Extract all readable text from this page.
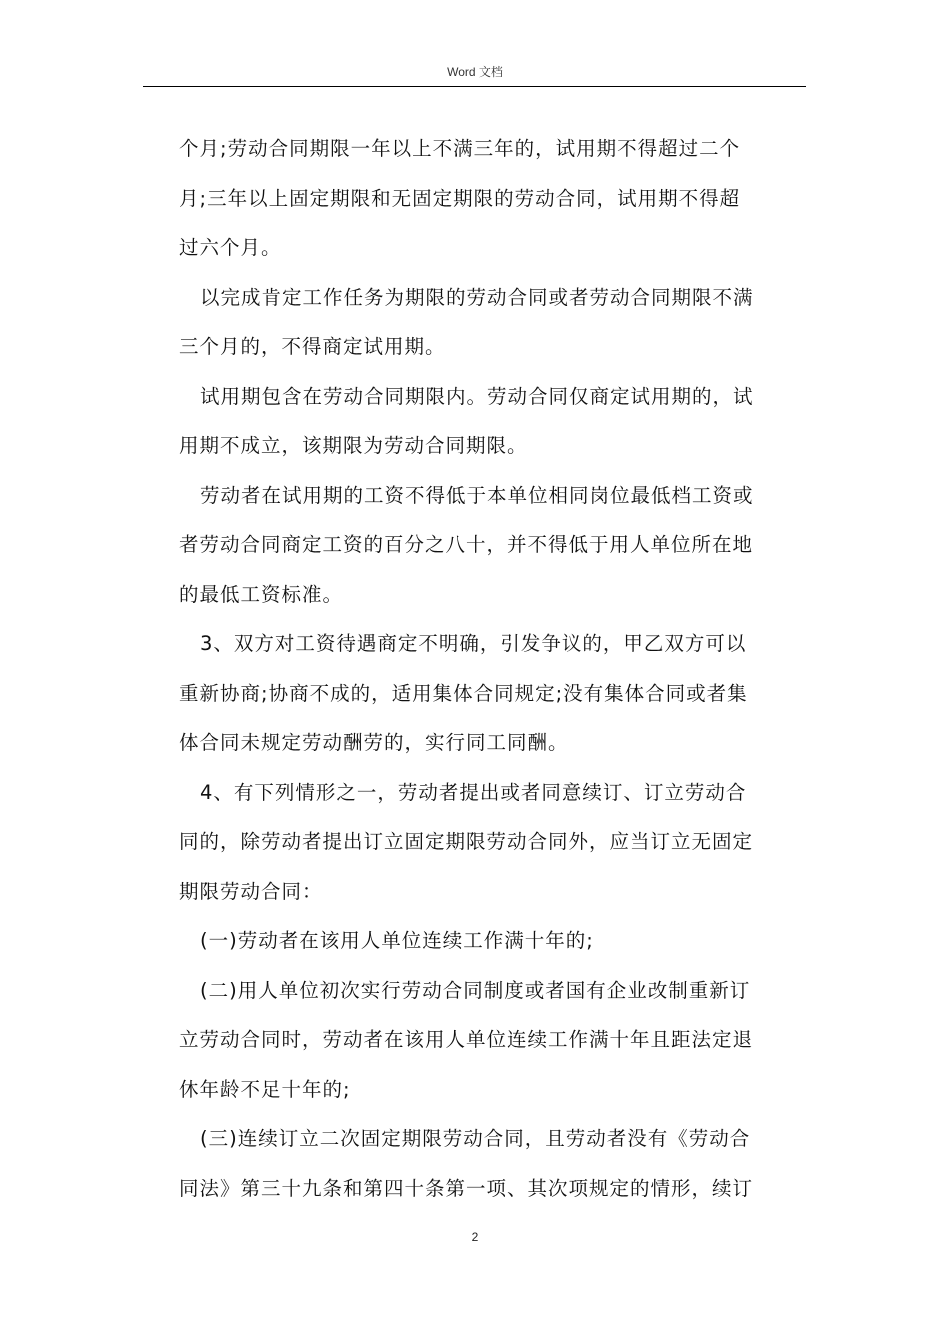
Word 文档

个月;劳动合同期限一年以上不满三年的，试用期不得超过二个
月;三年以上固定期限和无固定期限的劳动合同，试用期不得超
过六个月。

以完成肯定工作任务为期限的劳动合同或者劳动合同期限不满
三个月的，不得商定试用期。

试用期包含在劳动合同期限内。劳动合同仅商定试用期的，试
用期不成立，该期限为劳动合同期限。

劳动者在试用期的工资不得低于本单位相同岗位最低档工资或
者劳动合同商定工资的百分之八十，并不得低于用人单位所在地
的最低工资标准。

3、双方对工资待遇商定不明确，引发争议的，甲乙双方可以
重新协商;协商不成的，适用集体合同规定;没有集体合同或者集
体合同未规定劳动酬劳的，实行同工同酬。

4、有下列情形之一，劳动者提出或者同意续订、订立劳动合
同的，除劳动者提出订立固定期限劳动合同外，应当订立无固定
期限劳动合同：

(一)劳动者在该用人单位连续工作满十年的;

(二)用人单位初次实行劳动合同制度或者国有企业改制重新订
立劳动合同时，劳动者在该用人单位连续工作满十年且距法定退
休年龄不足十年的;

(三)连续订立二次固定期限劳动合同，且劳动者没有《劳动合
同法》第三十九条和第四十条第一项、其次项规定的情形，续订

2
